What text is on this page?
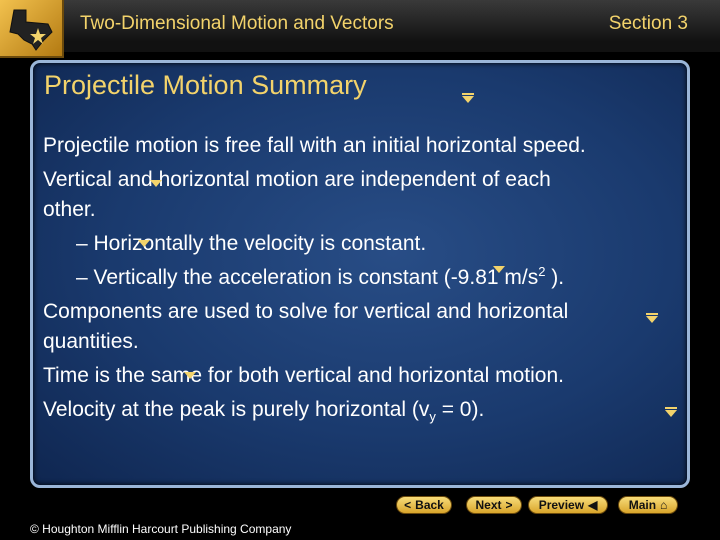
Two-Dimensional Motion and Vectors	Section 3
Projectile Motion Summary
Projectile motion is free fall with an initial horizontal speed.
Vertical and horizontal motion are independent of each
other.
– Horizontally the velocity is constant.
– Vertically the acceleration is constant (-9.81 $m/s^2$ ).
Components are used to solve for vertical and horizontal
quantities.
Time is the same for both vertical and horizontal motion.
Velocity at the peak is purely horizontal $(v_y = 0)$.
< Back	Next > Preview ◀	Main ⌂
© Houghton Mifflin Harcourt Publishing Company
